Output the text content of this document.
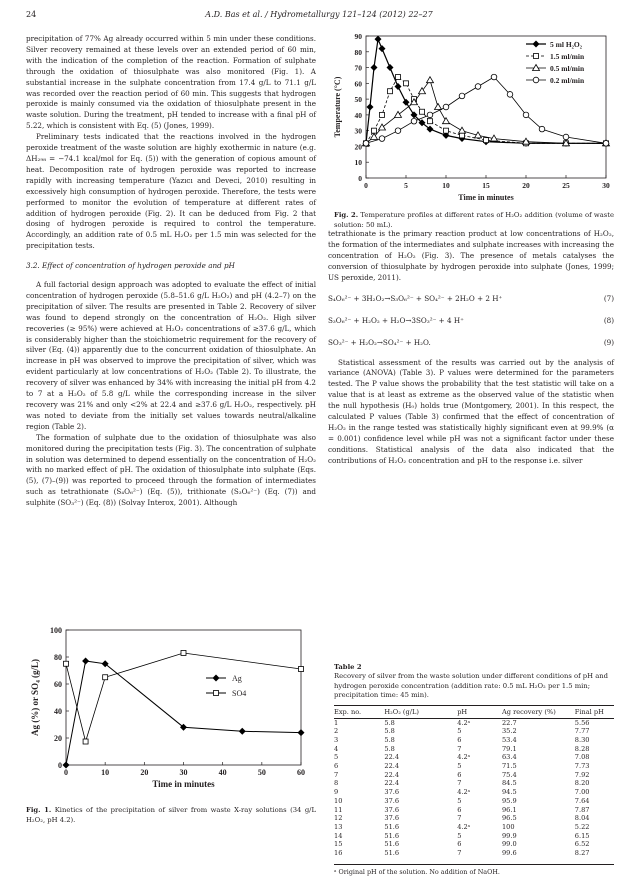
24	A.D. Bas et al. / Hydrometallurgy 121–124 (2012) 22–27

precipitation of 77% Ag already occurred within 5 min under these conditions. Silver recovery remained at these levels over an extended period of 60 min, with the indication of the completion of the reaction. Formation of sulphate through the oxidation of thiosulphate was also monitored (Fig. 1). A substantial increase in the sulphate concentration from 17.4 g/L to 71.1 g/L was recorded over the reaction period of 60 min. This suggests that hydrogen peroxide is mainly consumed via the oxidation of thiosulphate present in the waste solution. During the treatment, pH tended to increase with a final pH of 5.22, which is consistent with Eq. (5) (Jones, 1999).

Preliminary tests indicated that the reactions involved in the hydrogen peroxide treatment of the waste solution are highly exothermic in nature (e.g. ΔH₂₉₈ = −74.1 kcal/mol for Eq. (5)) with the generation of copious amount of heat. Decomposition rate of hydrogen peroxide was reported to increase rapidly with increasing temperature (Yazıcı and Deveci, 2010) resulting in excessively high consumption of hydrogen peroxide. Therefore, the tests were performed to monitor the evolution of temperature at different rates of addition of hydrogen peroxide (Fig. 2). It can be deduced from Fig. 2 that dosing of hydrogen peroxide is required to control the temperature. Accordingly, an addition rate of 0.5 mL H₂O₂ per 1.5 min was selected for the precipitation tests.

3.2. Effect of concentration of hydrogen peroxide and pH

A full factorial design approach was adopted to evaluate the effect of initial concentration of hydrogen peroxide (5.8–51.6 g/L H₂O₂) and pH (4.2–7) on the precipitation of silver. The results are presented in Table 2. Recovery of silver was found to depend strongly on the concentration of H₂O₂. High silver recoveries (≥ 95%) were achieved at H₂O₂ concentrations of ≥37.6 g/L, which is considerably higher than the stoichiometric requirement for the recovery of silver (Eq. (4)) apparently due to the concurrent oxidation of thiosulphate. An increase in pH was observed to improve the precipitation of silver, which was evident particularly at low concentrations of H₂O₂ (Table 2). To illustrate, the recovery of silver was enhanced by 34% with increasing the initial pH from 4.2 to 7 at a H₂O₂ of 5.8 g/L while the corresponding increase in the silver recovery was 21% and only <2% at 22.4 and ≥37.6 g/L H₂O₂, respectively. pH was noted to deviate from the initially set values towards neutral/alkaline region (Table 2).

The formation of sulphate due to the oxidation of thiosulphate was also monitored during the precipitation tests (Fig. 3). The concentration of sulphate in solution was determined to depend essentially on the concentration of H₂O₂ with no marked effect of pH. The oxidation of thiosulphate into sulphate (Eqs. (5), (7)–(9)) was reported to proceed through the formation of intermediates such as tetrathionate (S₄O₆²⁻) (Eq. (5)), trithionate (S₃O₆²⁻) (Eq. (7)) and sulphite (SO₃²⁻) (Eq. (8)) (Solvay Interox, 2001). Although

0	10	20	30	40	50	60
0
20
40
60
80
100
Time in minutes
Ag (%) or SO₄ (g/L)	Ag
SO4
Fig. 1. Kinetics of the precipitation of silver from waste X-ray solutions (34 g/L H₂O₂, pH 4.2).
0	5	10	15	20	25	30
0
10
20
30
40
50
60
70
80
90
Time in minutes
Temperature (°C)
5 ml H₂O₂
1.5 ml/min
0.5 ml/min
0.2 ml/min
Fig. 2. Temperature profiles at different rates of H₂O₂ addition (volume of waste solution: 50 mL).

tetrathionate is the primary reaction product at low concentrations of H₂O₂, the formation of the intermediates and sulphate increases with increasing the concentration of H₂O₂ (Fig. 3). The presence of metals catalyses the conversion of thiosulphate by hydrogen peroxide into sulphate (Jones, 1999; US peroxide, 2011).

S₄O₆²⁻ + 3H₂O₂→S₃O₆²⁻ + SO₄²⁻ + 2H₂O + 2 H⁺	(7)
S₃O₆²⁻ + H₂O₂ + H₂O→3SO₃²⁻ + 4 H⁺	(8)
SO₃²⁻ + H₂O₂→SO₄²⁻ + H₂O.	(9)

Statistical assessment of the results was carried out by the analysis of variance (ANOVA) (Table 3). P values were determined for the parameters tested. The P value shows the probability that the test statistic will take on a value that is at least as extreme as the observed value of the statistic when the null hypothesis (H₀) holds true (Montgomery, 2001). In this respect, the calculated P values (Table 3) confirmed that the effect of concentration of H₂O₂ in the range tested was statistically highly significant even at 99.9% (α = 0.001) confidence level while pH was not a significant factor under these conditions. Statistical analysis of the data also indicated that the contributions of H₂O₂ concentration and pH to the response i.e. silver

Table 2
Recovery of silver from the waste solution under different conditions of pH and hydrogen peroxide concentration (addition rate: 0.5 mL H₂O₂ per 1.5 min; precipitation time: 45 min).
Exp. no.	H₂O₂ (g/L)	pH	Ag recovery (%)	Final pH
1	5.8	4.2ᵃ	22.7	5.56
2	5.8	5	35.2	7.77
3	5.8	6	53.4	8.30
4	5.8	7	79.1	8.28
5	22.4	4.2ᵃ	63.4	7.08
6	22.4	5	71.5	7.73
7	22.4	6	75.4	7.92
8	22.4	7	84.5	8.20
9	37.6	4.2ᵃ	94.5	7.00
10	37.6	5	95.9	7.64
11	37.6	6	96.1	7.87
12	37.6	7	96.5	8.04
13	51.6	4.2ᵃ	100	5.22
14	51.6	5	99.9	6.15
15	51.6	6	99.0	6.52
16	51.6	7	99.6	8.27
ᵃ Original pH of the solution. No addition of NaOH.
